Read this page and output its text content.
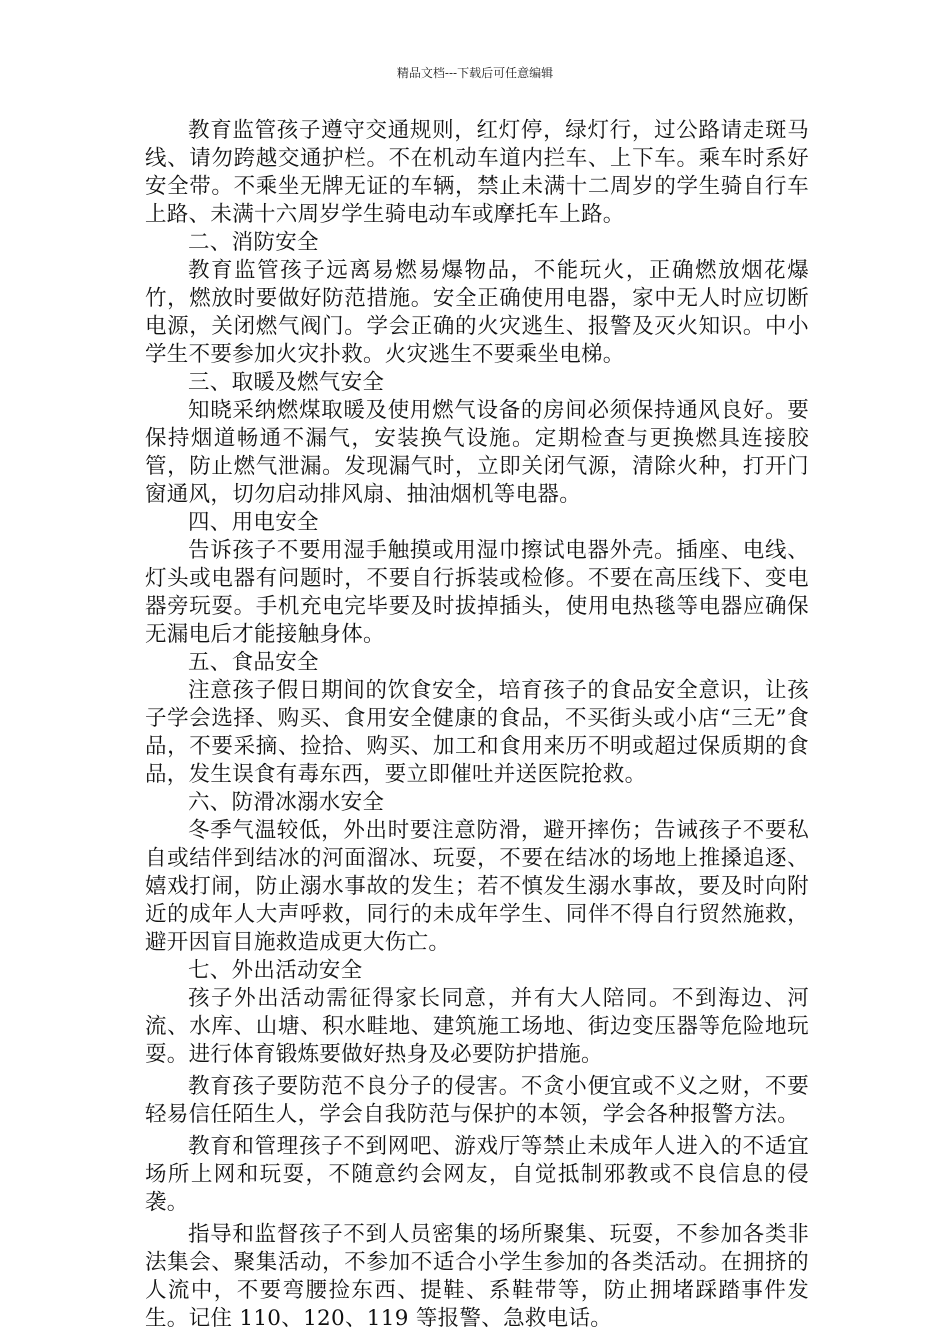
精品文档---下载后可任意编辑

教育监管孩子遵守交通规则，红灯停，绿灯行，过公路请走斑马线、请勿跨越交通护栏。不在机动车道内拦车、上下车。乘车时系好安全带。不乘坐无牌无证的车辆，禁止未满十二周岁的学生骑自行车上路、未满十六周岁学生骑电动车或摩托车上路。

二、消防安全

教育监管孩子远离易燃易爆物品，不能玩火，正确燃放烟花爆竹，燃放时要做好防范措施。安全正确使用电器，家中无人时应切断电源，关闭燃气阀门。学会正确的火灾逃生、报警及灭火知识。中小学生不要参加火灾扑救。火灾逃生不要乘坐电梯。

三、取暖及燃气安全

知晓采纳燃煤取暖及使用燃气设备的房间必须保持通风良好。要保持烟道畅通不漏气，安装换气设施。定期检查与更换燃具连接胶管，防止燃气泄漏。发现漏气时，立即关闭气源，清除火种，打开门窗通风，切勿启动排风扇、抽油烟机等电器。

四、用电安全

告诉孩子不要用湿手触摸或用湿巾擦试电器外壳。插座、电线、灯头或电器有问题时，不要自行拆装或检修。不要在高压线下、变电器旁玩耍。手机充电完毕要及时拔掉插头，使用电热毯等电器应确保无漏电后才能接触身体。

五、食品安全

注意孩子假日期间的饮食安全，培育孩子的食品安全意识，让孩子学会选择、购买、食用安全健康的食品，不买街头或小店“三无”食品，不要采摘、捡拾、购买、加工和食用来历不明或超过保质期的食品，发生误食有毒东西，要立即催吐并送医院抢救。

六、防滑冰溺水安全

冬季气温较低，外出时要注意防滑，避开摔伤；告诫孩子不要私自或结伴到结冰的河面溜冰、玩耍，不要在结冰的场地上推搡追逐、嬉戏打闹，防止溺水事故的发生；若不慎发生溺水事故，要及时向附近的成年人大声呼救，同行的未成年学生、同伴不得自行贸然施救，避开因盲目施救造成更大伤亡。

七、外出活动安全

孩子外出活动需征得家长同意，并有大人陪同。不到海边、河流、水库、山塘、积水畦地、建筑施工场地、街边变压器等危险地玩耍。进行体育锻炼要做好热身及必要防护措施。

教育孩子要防范不良分子的侵害。不贪小便宜或不义之财，不要轻易信任陌生人，学会自我防范与保护的本领，学会各种报警方法。

教育和管理孩子不到网吧、游戏厅等禁止未成年人进入的不适宜场所上网和玩耍，不随意约会网友，自觉抵制邪教或不良信息的侵袭。

指导和监督孩子不到人员密集的场所聚集、玩耍，不参加各类非法集会、聚集活动，不参加不适合小学生参加的各类活动。在拥挤的人流中，不要弯腰捡东西、提鞋、系鞋带等，防止拥堵踩踏事件发生。记住 110、120、119 等报警、急救电话。
